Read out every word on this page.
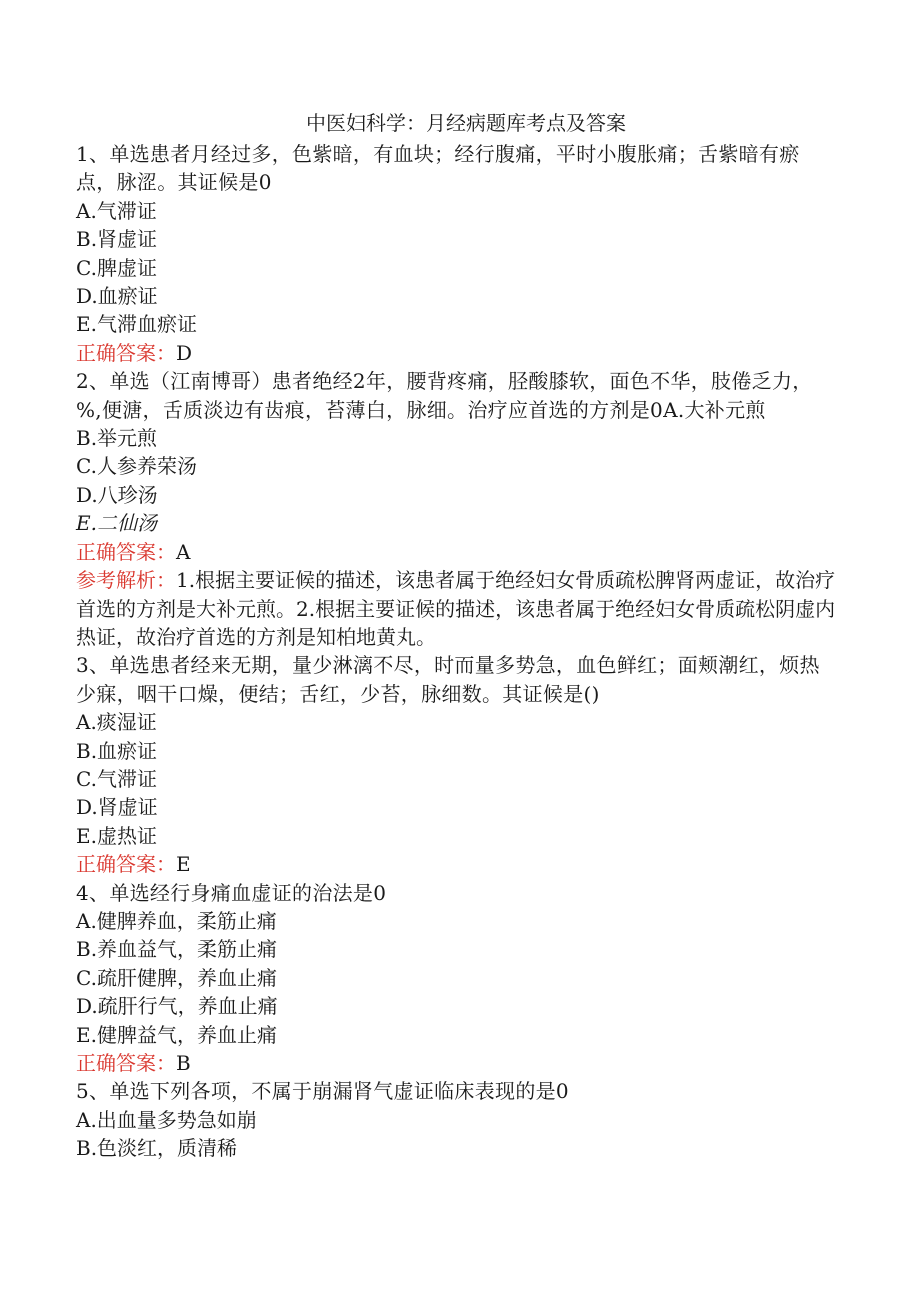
中医妇科学：月经病题库考点及答案
1、单选患者月经过多，色紫暗，有血块；经行腹痛，平时小腹胀痛；舌紫暗有瘀点，脉涩。其证候是0
A.气滞证
B.肾虚证
C.脾虚证
D.血瘀证
E.气滞血瘀证
正确答案：D
2、单选（江南博哥）患者绝经2年，腰背疼痛，胫酸膝软，面色不华，肢倦乏力，%,便溏，舌质淡边有齿痕，苔薄白，脉细。治疗应首选的方剂是0A.大补元煎
B.举元煎
C.人参养荣汤
D.八珍汤
E.二仙汤
正确答案：A
参考解析：1.根据主要证候的描述，该患者属于绝经妇女骨质疏松脾肾两虚证，故治疗首选的方剂是大补元煎。2.根据主要证候的描述，该患者属于绝经妇女骨质疏松阴虚内热证，故治疗首选的方剂是知柏地黄丸。
3、单选患者经来无期，量少淋漓不尽，时而量多势急，血色鲜红；面颊潮红，烦热少寐，咽干口燥，便结；舌红，少苔，脉细数。其证候是()
A.痰湿证
B.血瘀证
C.气滞证
D.肾虚证
E.虚热证
正确答案：E
4、单选经行身痛血虚证的治法是0
A.健脾养血，柔筋止痛
B.养血益气，柔筋止痛
C.疏肝健脾，养血止痛
D.疏肝行气，养血止痛
E.健脾益气，养血止痛
正确答案：B
5、单选下列各项，不属于崩漏肾气虚证临床表现的是0
A.出血量多势急如崩
B.色淡红，质清稀
